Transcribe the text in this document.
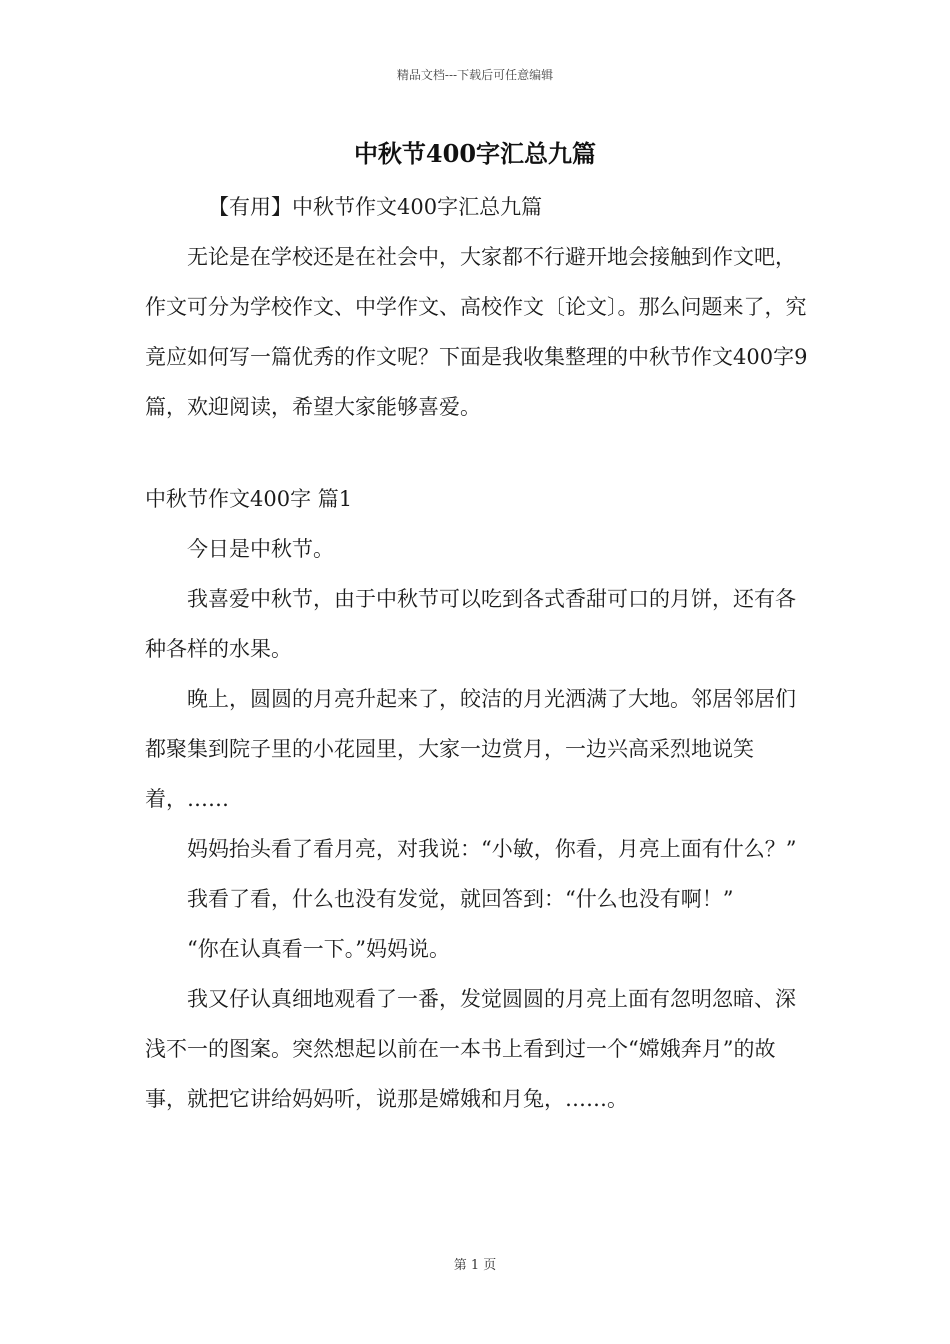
精品文档---下载后可任意编辑
中秋节400字汇总九篇

【有用】中秋节作文400字汇总九篇

无论是在学校还是在社会中，大家都不行避开地会接触到作文吧，作文可分为学校作文、中学作文、高校作文〔论文〕。那么问题来了，究竟应如何写一篇优秀的作文呢？下面是我收集整理的中秋节作文400字9篇，欢迎阅读，希望大家能够喜爱。

中秋节作文400字 篇1

今日是中秋节。

我喜爱中秋节，由于中秋节可以吃到各式香甜可口的月饼，还有各种各样的水果。

晚上，圆圆的月亮升起来了，皎洁的月光洒满了大地。邻居邻居们都聚集到院子里的小花园里，大家一边赏月，一边兴高采烈地说笑着，……

妈妈抬头看了看月亮，对我说：“小敏，你看，月亮上面有什么？”

我看了看，什么也没有发觉，就回答到：“什么也没有啊！”

“你在认真看一下。”妈妈说。

我又仔认真细地观看了一番，发觉圆圆的月亮上面有忽明忽暗、深浅不一的图案。突然想起以前在一本书上看到过一个“嫦娥奔月”的故事，就把它讲给妈妈听，说那是嫦娥和月兔，……。

第 1 页
